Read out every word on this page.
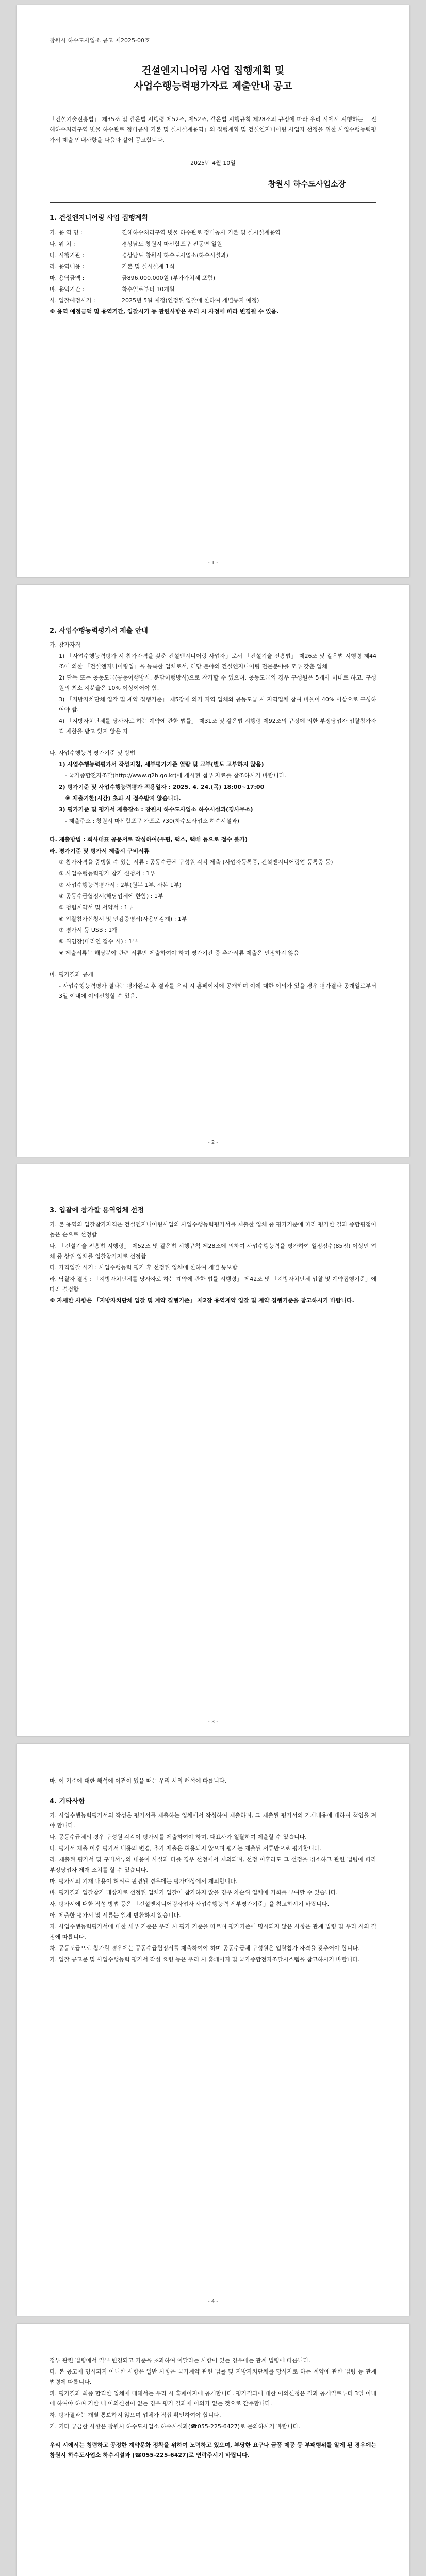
창원시 하수도사업소 공고 제2025-00호
건설엔지니어링 사업 집행계획 및
사업수행능력평가자료 제출안내 공고
「건설기술진흥법」 제35조 및 같은법 시행령 제52조, 제52조, 같은법 시행규칙 제28조의 규정에 따라 우리 시에서 시행하는 「진해하수처리구역 빗물 하수관로 정비공사 기본 및 실시설계용역」의 집행계획 및 건설엔지니어링 사업자 선정을 위한 사업수행능력평가서 제출 안내사항을 다음과 같이 공고합니다.
2025년 4월 10일
창원시 하수도사업소장
1. 건설엔지니어링 사업 집행계획
가. 용 역 명 :	진해하수처리구역 빗물 하수관로 정비공사 기본 및 실시설계용역
나. 위 치 :	경상남도 창원시 마산합포구 진동면 일원
다. 시행기관 :	경상남도 창원시 하수도사업소(하수시설과)
라. 용역내용 :	기본 및 실시설계 1식
마. 용역금액 :	금896,000,000원 (부가가치세 포함)
바. 용역기간 :	착수일로부터 10개월
사. 입찰예정시기 :	2025년 5월 예정(인정된 입찰에 한하여 개별통지 예정)
※ 용역 예정금액 및 용역기간, 입찰시기 등 관련사항은 우리 시 사정에 따라 변경될 수 있음.
- 1 -
2. 사업수행능력평가서 제출 안내
가. 참가자격
1) 「사업수행능력평가 시 참가자격을 갖춘 건설엔지니어링 사업자」로서 「건설기술 진흥법」 제26조 및 같은법 시행령 제44조에 의한 「건설엔지니어링업」을 등록한 업체로서, 해당 분야의 건설엔지니어링 전문분야를 모두 갖춘 업체
2) 단독 또는 공동도급(공동이행방식, 분담이행방식)으로 참가할 수 있으며, 공동도급의 경우 구성원은 5개사 이내로 하고, 구성원의 최소 지분율은 10% 이상이어야 함.
3) 「지방자치단체 입찰 및 계약 집행기준」 제5장에 의거 지역 업체와 공동도급 시 지역업체 참여 비율이 40% 이상으로 구성하여야 함.
4) 「지방자치단체를 당사자로 하는 계약에 관한 법률」 제31조 및 같은법 시행령 제92조의 규정에 의한 부정당업자 입찰참가자격 제한을 받고 있지 않은 자
나. 사업수행능력 평가기준 및 방법
1) 사업수행능력평가서 작성지침, 세부평가기준 열람 및 교부(별도 교부하지 않음)
- 국가종합전자조달(http://www.g2b.go.kr)에 게시된 첨부 자료를 참조하시기 바랍니다.
2) 평가기준 및 사업수행능력평가 적용일자 : 2025. 4. 24.(목) 18:00~17:00
※ 제출기한(시간) 초과 시 접수받지 않습니다.
3) 평가기준 및 평가서 제출장소 : 창원시 하수도사업소 하수시설과(경사무소)
- 제출주소 : 창원시 마산합포구 가포로 730(하수도사업소 하수시설과)
다. 제출방법 : 회사대표 공문서로 작성하여(우편, 팩스, 택배 등으로 접수 불가)
라. 평가기준 및 평가서 제출시 구비서류
① 참가자격을 증빙할 수 있는 서류 : 공동수급체 구성원 각각 제출 (사업자등록증, 건설엔지니어링업 등록증 등)
② 사업수행능력평가 참가 신청서 : 1부
③ 사업수행능력평가서 : 2부(원본 1부, 사본 1부)
④ 공동수급협정서(해당업체에 한함) : 1부
⑤ 청렴계약서 및 서약서 : 1부
⑥ 입찰참가신청서 및 인감증명서(사용인감계) : 1부
⑦ 평가서 등 USB : 1개
⑧ 위임장(대리인 접수 시) : 1부
※ 제출서류는 해당분야 관련 서류만 제출하여야 하며 평가기간 중 추가서류 제출은 인정하지 않음
마. 평가결과 공개
- 사업수행능력평가 결과는 평가완료 후 결과를 우리 시 홈페이지에 공개하며 이에 대한 이의가 있을 경우 평가결과 공개일로부터 3일 이내에 이의신청할 수 있음.
- 2 -
3. 입찰에 참가할 용역업체 선정
가. 본 용역의 입찰참가자격은 건설엔지니어링사업의 사업수행능력평가서를 제출한 업체 중 평가기준에 따라 평가한 결과 종합평점이 높은 순으로 선정함
나. 「건설기술 진흥법 시행령」 제52조 및 같은법 시행규칙 제28조에 의하여 사업수행능력을 평가하여 일정점수(85점) 이상인 업체 중 상위 업체를 입찰참가자로 선정함
다. 가격입찰 시기 : 사업수행능력 평가 후 선정된 업체에 한하여 개별 통보함
라. 낙찰자 결정 : 「지방자치단체를 당사자로 하는 계약에 관한 법률 시행령」 제42조 및 「지방자치단체 입찰 및 계약집행기준」에 따라 결정함
※ 자세한 사항은 「지방자치단체 입찰 및 계약 집행기준」 제2장 용역계약 입찰 및 계약 집행기준을 참고하시기 바랍니다.
- 3 -
마. 이 기준에 대한 해석에 이견이 있을 때는 우리 시의 해석에 따릅니다.
4. 기타사항
가. 사업수행능력평가서의 작성은 평가서를 제출하는 업체에서 작성하여 제출하며, 그 제출된 평가서의 기재내용에 대하여 책임을 져야 합니다.
나. 공동수급체의 경우 구성원 각각이 평가서를 제출하여야 하며, 대표사가 일괄하여 제출할 수 있습니다.
다. 평가서 제출 이후 평가서 내용의 변경, 추가 제출은 허용되지 않으며 평가는 제출된 서류만으로 평가합니다.
라. 제출된 평가서 및 구비서류의 내용이 사실과 다를 경우 선정에서 제외되며, 선정 이후라도 그 선정을 취소하고 관련 법령에 따라 부정당업자 제재 조치를 할 수 있습니다.
마. 평가서의 기재 내용이 허위로 판명된 경우에는 평가대상에서 제외합니다.
바. 평가결과 입찰참가 대상자로 선정된 업체가 입찰에 참가하지 않을 경우 차순위 업체에 기회를 부여할 수 있습니다.
사. 평가서에 대한 작성 방법 등은 「건설엔지니어링사업자 사업수행능력 세부평가기준」을 참고하시기 바랍니다.
아. 제출한 평가서 및 서류는 일체 반환하지 않습니다.
자. 사업수행능력평가서에 대한 세부 기준은 우리 시 평가 기준을 따르며 평가기준에 명시되지 않은 사항은 관계 법령 및 우리 시의 결정에 따릅니다.
차. 공동도급으로 참가할 경우에는 공동수급협정서를 제출하여야 하며 공동수급체 구성원은 입찰참가 자격을 갖추어야 합니다.
카. 입찰 공고문 및 사업수행능력 평가서 작성 요령 등은 우리 시 홈페이지 및 국가종합전자조달시스템을 참고하시기 바랍니다.
- 4 -
정부 관련 법령에서 일부 변경되고 기준을 초과하여 이달라는 사항이 있는 경우에는 관계 법령에 따릅니다.
타. 본 공고에 명시되지 아니한 사항은 일반 사항은 국가계약 관련 법률 및 지방자치단체를 당사자로 하는 계약에 관한 법령 등 관계 법령에 따릅니다.
파. 평가결과 최종 합격한 업체에 대해서는 우리 시 홈페이지에 공개합니다. 평가결과에 대한 이의신청은 결과 공개일로부터 3일 이내에 하여야 하며 기한 내 이의신청이 없는 경우 평가 결과에 이의가 없는 것으로 간주합니다.
하. 평가결과는 개별 통보하지 않으며 업체가 직접 확인하여야 합니다.
거. 기타 궁금한 사항은 창원시 하수도사업소 하수시설과(☎055-225-6427)로 문의하시기 바랍니다.
우리 시에서는 청렴하고 공정한 계약문화 정착을 위하여 노력하고 있으며, 부당한 요구나 금품 제공 등 부패행위를 알게 된 경우에는 창원시 하수도사업소 하수시설과 (☎055-225-6427)로 연락주시기 바랍니다.
